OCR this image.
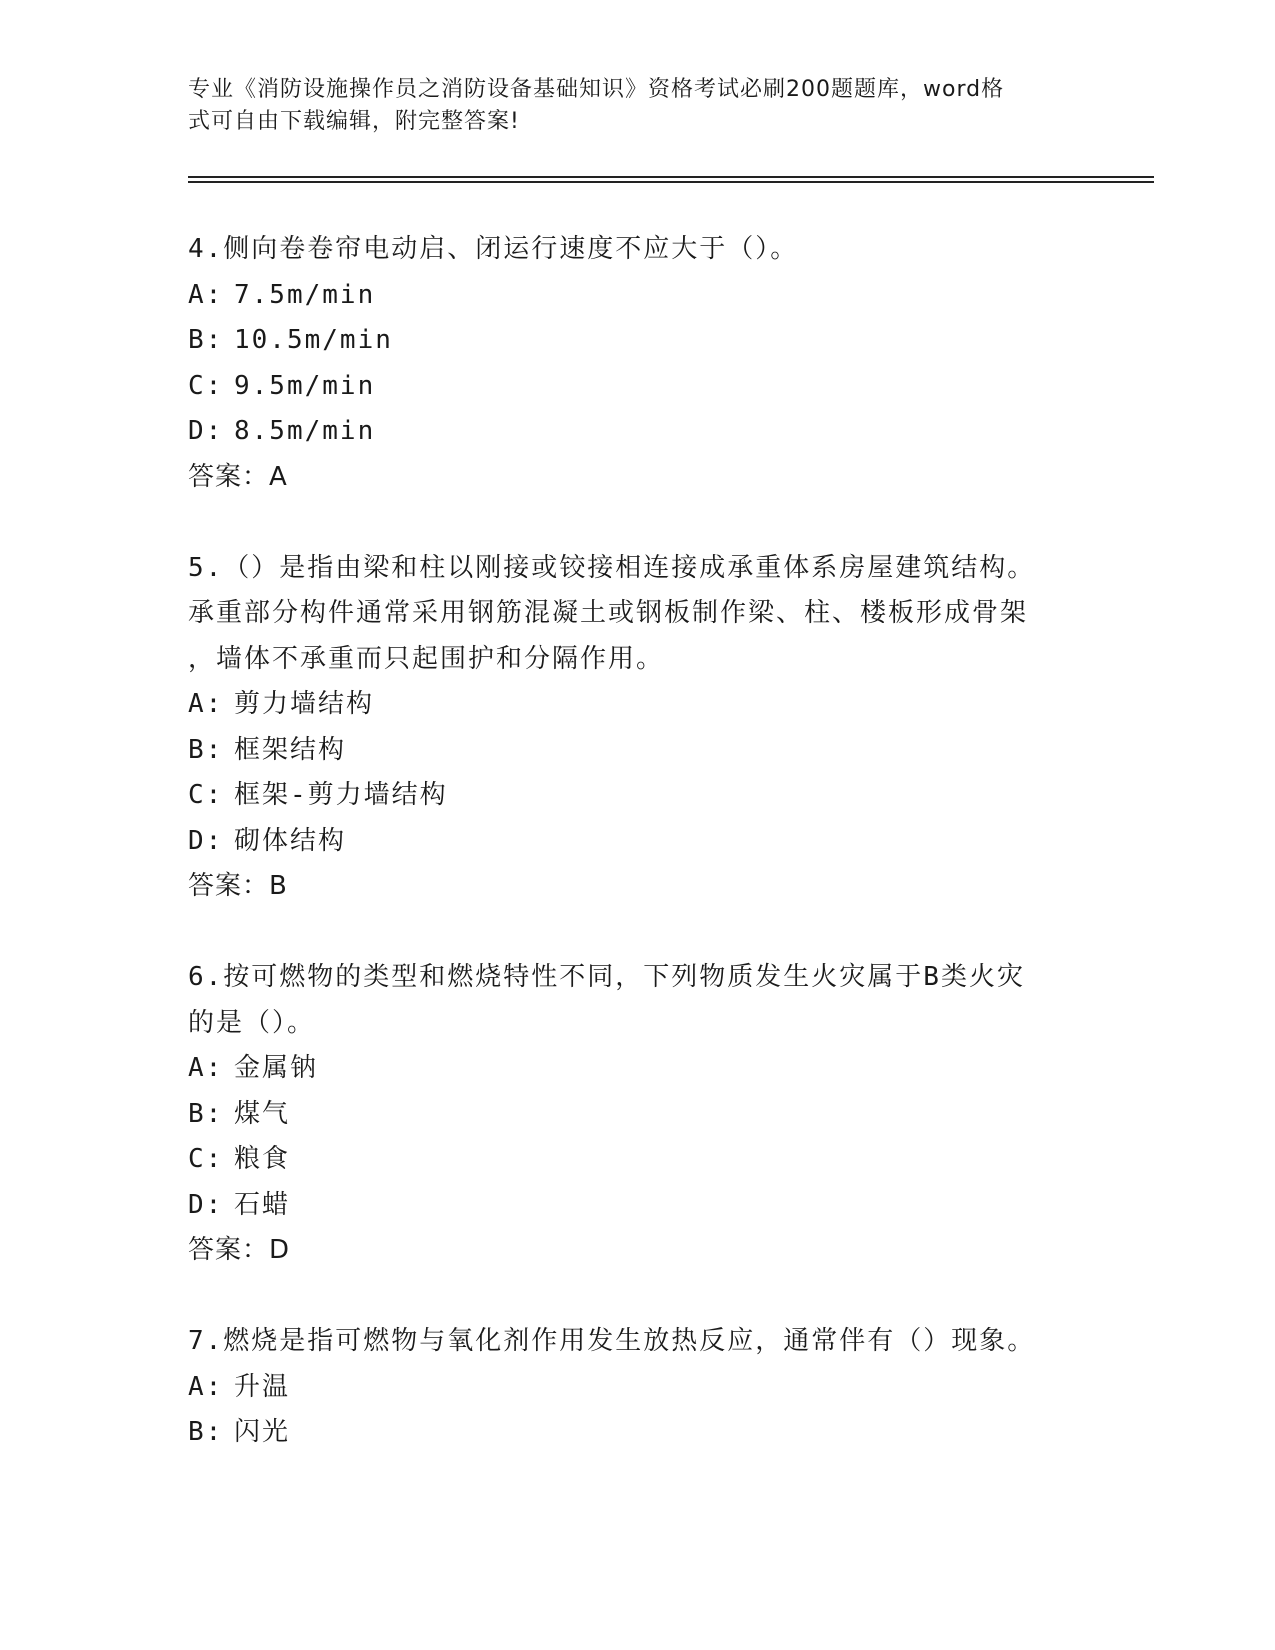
专业《消防设施操作员之消防设备基础知识》资格考试必刷200题题库，word格
式可自由下载编辑，附完整答案!

4.侧向卷卷帘电动启、闭运行速度不应大于（）。

A: 7.5m/min

B: 10.5m/min

C: 9.5m/min

D: 8.5m/min

答案：A

5.（）是指由梁和柱以刚接或铰接相连接成承重体系房屋建筑结构。

承重部分构件通常采用钢筋混凝土或钢板制作梁、柱、楼板形成骨架

，墙体不承重而只起围护和分隔作用。

A: 剪力墙结构

B: 框架结构

C: 框架-剪力墙结构

D: 砌体结构

答案：B

6.按可燃物的类型和燃烧特性不同，下列物质发生火灾属于B类火灾

的是（）。

A: 金属钠

B: 煤气

C: 粮食

D: 石蜡

答案：D

7.燃烧是指可燃物与氧化剂作用发生放热反应，通常伴有（）现象。

A: 升温

B: 闪光
